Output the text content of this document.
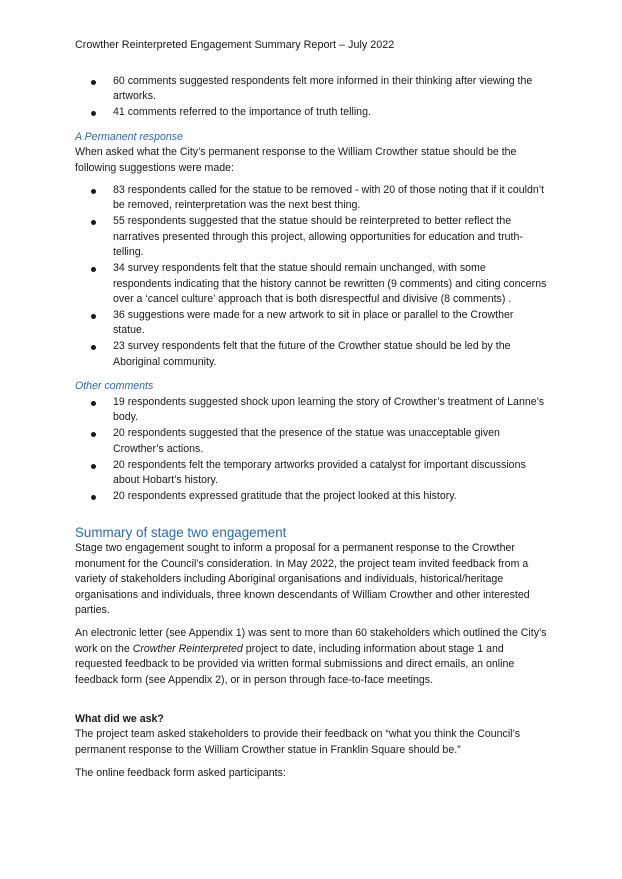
Crowther Reinterpreted Engagement Summary Report – July 2022
60 comments suggested respondents felt more informed in their thinking after viewing the artworks.
41 comments referred to the importance of truth telling.
A Permanent response

When asked what the City’s permanent response to the William Crowther statue should be the following suggestions were made:

83 respondents called for the statue to be removed - with 20 of those noting that if it couldn’t be removed, reinterpretation was the next best thing.
55 respondents suggested that the statue should be reinterpreted to better reflect the narratives presented through this project, allowing opportunities for education and truth-telling.
34 survey respondents felt that the statue should remain unchanged, with some respondents indicating that the history cannot be rewritten (9 comments) and citing concerns over a ‘cancel culture’ approach that is both disrespectful and divisive (8 comments) .
36 suggestions were made for a new artwork to sit in place or parallel to the Crowther statue.
23 survey respondents felt that the future of the Crowther statue should be led by the Aboriginal community.
Other comments
19 respondents suggested shock upon learning the story of Crowther’s treatment of Lanne’s body.
20 respondents suggested that the presence of the statue was unacceptable given Crowther’s actions.
20 respondents felt the temporary artworks provided a catalyst for important discussions about Hobart’s history.
20 respondents expressed gratitude that the project looked at this history.
Summary of stage two engagement

Stage two engagement sought to inform a proposal for a permanent response to the Crowther monument for the Council’s consideration. In May 2022, the project team invited feedback from a variety of stakeholders including Aboriginal organisations and individuals, historical/heritage organisations and individuals, three known descendants of William Crowther and other interested parties.

An electronic letter (see Appendix 1) was sent to more than 60 stakeholders which outlined the City’s work on the Crowther Reinterpreted project to date, including information about stage 1 and requested feedback to be provided via written formal submissions and direct emails, an online feedback form (see Appendix 2), or in person through face-to-face meetings.

What did we ask?

The project team asked stakeholders to provide their feedback on “what you think the Council’s permanent response to the William Crowther statue in Franklin Square should be.”

The online feedback form asked participants:
